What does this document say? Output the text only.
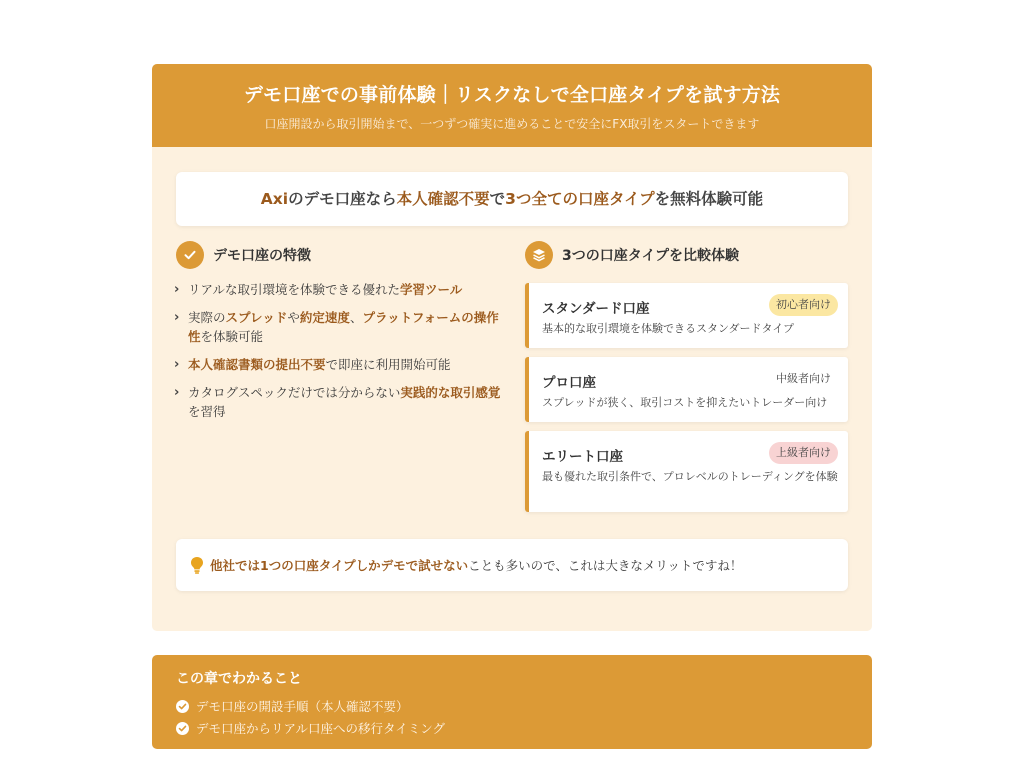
デモ口座での事前体験｜リスクなしで全口座タイプを試す方法
口座開設から取引開始まで、一つずつ確実に進めることで安全にFX取引をスタートできます
Axiのデモ口座なら本人確認不要で3つ全ての口座タイプを無料体験可能
デモ口座の特徴
› リアルな取引環境を体験できる優れた学習ツール
› 実際のスプレッドや約定速度、プラットフォームの操作性を体験可能
› 本人確認書類の提出不要で即座に利用開始可能
› カタログスペックだけでは分からない実践的な取引感覚を習得
3つの口座タイプを比較体験
スタンダード口座	初心者向け
基本的な取引環境を体験できるスタンダードタイプ
プロ口座	中級者向け
スプレッドが狭く、取引コストを抑えたいトレーダー向け
エリート口座	上級者向け
最も優れた取引条件で、プロレベルのトレーディングを体験
他社では1つの口座タイプしかデモで試せない ことも多いので、これは大きなメリットですね！
この章でわかること
デモ口座の開設手順（本人確認不要）
デモ口座からリアル口座への移行タイミング
